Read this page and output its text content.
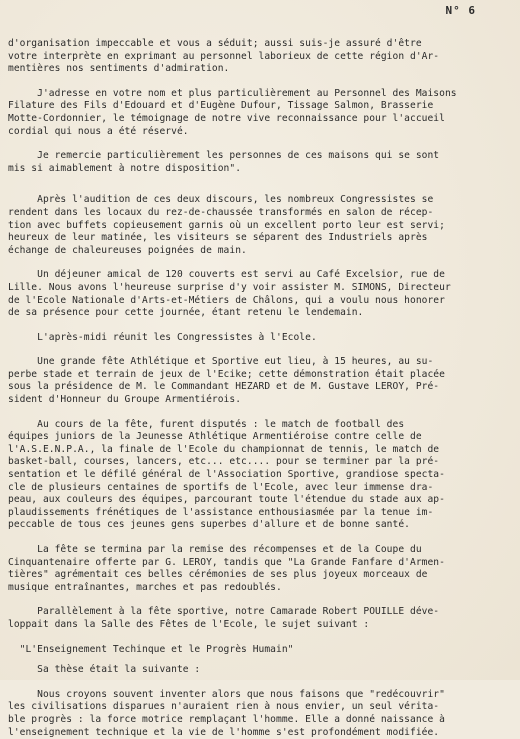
N° 6

d'organisation impeccable et vous a séduit; aussi suis-je assuré d'être
votre interprète en exprimant au personnel laborieux de cette région d'Ar-
mentières nos sentiments d'admiration.

J'adresse en votre nom et plus particulièrement au Personnel des Maisons
Filature des Fils d'Edouard et d'Eugène Dufour, Tissage Salmon, Brasserie
Motte-Cordonnier, le témoignage de notre vive reconnaissance pour l'accueil
cordial qui nous a été réservé.

Je remercie particulièrement les personnes de ces maisons qui se sont
mis si aimablement à notre disposition".

Après l'audition de ces deux discours, les nombreux Congressistes se
rendent dans les locaux du rez-de-chaussée transformés en salon de récep-
tion avec buffets copieusement garnis où un excellent porto leur est servi;
heureux de leur matinée, les visiteurs se séparent des Industriels après
échange de chaleureuses poignées de main.

Un déjeuner amical de 120 couverts est servi au Café Excelsior, rue de
Lille. Nous avons l'heureuse surprise d'y voir assister M. SIMONS, Directeur
de l'Ecole Nationale d'Arts-et-Métiers de Châlons, qui a voulu nous honorer
de sa présence pour cette journée, étant retenu le lendemain.

L'après-midi réunit les Congressistes à l'Ecole.

Une grande fête Athlétique et Sportive eut lieu, à 15 heures, au su-
perbe stade et terrain de jeux de l'Ecike; cette démonstration était placée
sous la présidence de M. le Commandant HEZARD et de M. Gustave LEROY, Pré-
sident d'Honneur du Groupe Armentiérois.

Au cours de la fête, furent disputés : le match de football des
équipes juniors de la Jeunesse Athlétique Armentiéroise contre celle de
l'A.S.E.N.P.A., la finale de l'Ecole du championnat de tennis, le match de
basket-ball, courses, lancers, etc... etc.... pour se terminer par la pré-
sentation et le défilé général de l'Association Sportive, grandiose specta-
cle de plusieurs centaines de sportifs de l'Ecole, avec leur immense dra-
peau, aux couleurs des équipes, parcourant toute l'étendue du stade aux ap-
plaudissements frénétiques de l'assistance enthousiasmée par la tenue im-
peccable de tous ces jeunes gens superbes d'allure et de bonne santé.

La fête se termina par la remise des récompenses et de la Coupe du
Cinquantenaire offerte par G. LEROY, tandis que "La Grande Fanfare d'Armen-
tières" agrémentait ces belles cérémonies de ses plus joyeux morceaux de
musique entraînantes, marches et pas redoublés.

Parallèlement à la fête sportive, notre Camarade Robert POUILLE déve-
loppait dans la Salle des Fêtes de l'Ecole, le sujet suivant :

"L'Enseignement Techinque et le Progrès Humain"

Sa thèse était la suivante :

Nous croyons souvent inventer alors que nous faisons que "redécouvrir"
les civilisations disparues n'auraient rien à nous envier, un seul vérita-
ble progrès : la force motrice remplaçant l'homme. Elle a donné naissance à
l'enseignement technique et la vie de l'homme s'est profondément modifiée.
